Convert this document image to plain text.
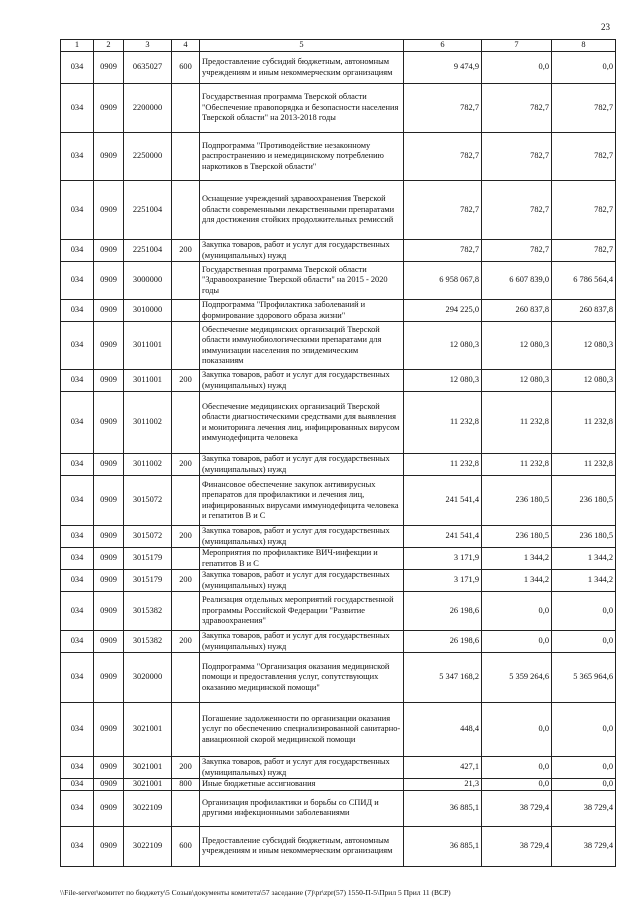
23
1	2	3	4	5	6	7	8
034	0909	0635027	600	Предоставление субсидий бюджетным, автономным учреждениям и иным некоммерческим организациям	9 474,9	0,0	0,0
034	0909	2200000		Государственная программа Тверской области "Обеспечение правопорядка и безопасности населения Тверской области" на 2013-2018 годы	782,7	782,7	782,7
034	0909	2250000		Подпрограмма "Противодействие незаконному распространению и немедицинскому потреблению наркотиков в Тверской области"	782,7	782,7	782,7
034	0909	2251004		Оснащение учреждений здравоохранения Тверской области современными лекарственными препаратами для достижения стойких продолжительных ремиссий	782,7	782,7	782,7
034	0909	2251004	200	Закупка товаров, работ и услуг для государственных (муниципальных) нужд	782,7	782,7	782,7
034	0909	3000000		Государственная программа Тверской области "Здравоохранение Тверской области" на 2015 - 2020 годы	6 958 067,8	6 607 839,0	6 786 564,4
034	0909	3010000		Подпрограмма "Профилактика заболеваний и формирование здорового образа жизни"	294 225,0	260 837,8	260 837,8
034	0909	3011001		Обеспечение медицинских организаций Тверской области иммунобиологическими препаратами для иммунизации населения по эпидемическим показаниям	12 080,3	12 080,3	12 080,3
034	0909	3011001	200	Закупка товаров, работ и услуг для государственных (муниципальных) нужд	12 080,3	12 080,3	12 080,3
034	0909	3011002		Обеспечение медицинских организаций Тверской области диагностическими средствами для выявления и мониторинга лечения лиц, инфицированных вирусом иммунодефицита человека	11 232,8	11 232,8	11 232,8
034	0909	3011002	200	Закупка товаров, работ и услуг для государственных (муниципальных) нужд	11 232,8	11 232,8	11 232,8
034	0909	3015072		Финансовое обеспечение закупок антивирусных препаратов для профилактики и лечения лиц, инфицированных вирусами иммунодефицита человека и гепатитов В и С	241 541,4	236 180,5	236 180,5
034	0909	3015072	200	Закупка товаров, работ и услуг для государственных (муниципальных) нужд	241 541,4	236 180,5	236 180,5
034	0909	3015179		Мероприятия по профилактике ВИЧ-инфекции и гепатитов В и С	3 171,9	1 344,2	1 344,2
034	0909	3015179	200	Закупка товаров, работ и услуг для государственных (муниципальных) нужд	3 171,9	1 344,2	1 344,2
034	0909	3015382		Реализация отдельных мероприятий государственной программы Российской Федерации "Развитие здравоохранения"	26 198,6	0,0	0,0
034	0909	3015382	200	Закупка товаров, работ и услуг для государственных (муниципальных) нужд	26 198,6	0,0	0,0
034	0909	3020000		Подпрограмма "Организация оказания медицинской помощи и предоставления услуг, сопутствующих оказанию медицинской помощи"	5 347 168,2	5 359 264,6	5 365 964,6
034	0909	3021001		Погашение задолженности по организации оказания услуг по обеспечению специализированной санитарно-авиационной скорой медицинской помощи	448,4	0,0	0,0
034	0909	3021001	200	Закупка товаров, работ и услуг для государственных (муниципальных) нужд	427,1	0,0	0,0
034	0909	3021001	800	Иные бюджетные ассигнования	21,3	0,0	0,0
034	0909	3022109		Организация профилактики и борьбы со СПИД и другими инфекционными заболеваниями	36 885,1	38 729,4	38 729,4
034	0909	3022109	600	Предоставление субсидий бюджетным, автономным учреждениям и иным некоммерческим организациям	36 885,1	38 729,4	38 729,4
\\File-server\комитет по бюджету\5 Созыв\документы комитета\57 заседание (7)\pr\zpr(57) 1550-П-5\Прил 5 Прил 11 (ВСР)
